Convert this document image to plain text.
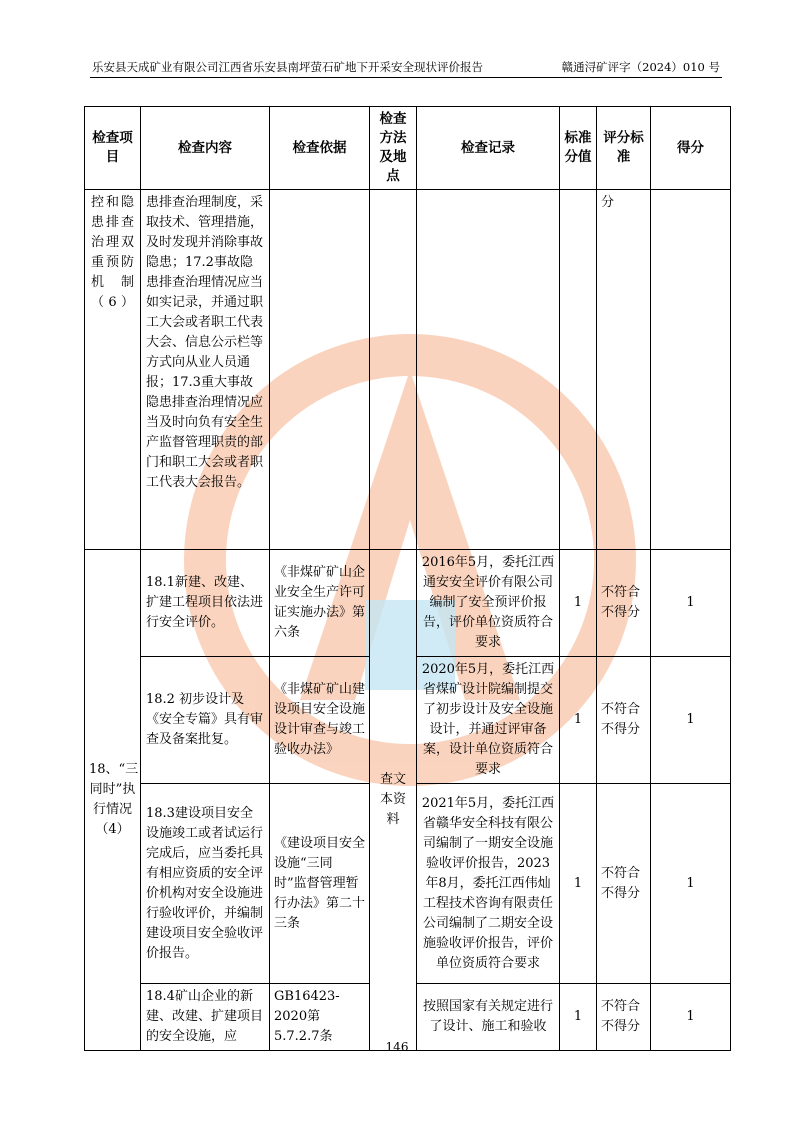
乐安县天成矿业有限公司江西省乐安县南坪萤石矿地下开采安全现状评价报告	赣通浔矿评字（2024）010 号
检查项目	检查内容	检查依据	检查方法及地点	检查记录	标准分值	评分标准	得分
控和隐患排查治理双重预防机制（6）	患排查治理制度，采取技术、管理措施，及时发现并消除事故隐患；17.2事故隐患排查治理情况应当如实记录，并通过职工大会或者职工代表大会、信息公示栏等方式向从业人员通报；17.3重大事故隐患排查治理情况应当及时向负有安全生产监督管理职责的部门和职工大会或者职工代表大会报告。					分	
18、“三同时”执行情况（4）	18.1新建、改建、扩建工程项目依法进行安全评价。	《非煤矿矿山企业安全生产许可证实施办法》第六条	查文本资料	2016年5月，委托江西通安安全评价有限公司编制了安全预评价报告，评价单位资质符合要求	1	不符合不得分	1
	18.2 初步设计及《安全专篇》具有审查及备案批复。	《非煤矿矿山建设项目安全设施设计审查与竣工验收办法》		2020年5月，委托江西省煤矿设计院编制提交了初步设计及安全设施设计，并通过评审备案，设计单位资质符合要求	1	不符合不得分	1
	18.3建设项目安全设施竣工或者试运行完成后，应当委托具有相应资质的安全评价机构对安全设施进行验收评价，并编制建设项目安全验收评价报告。	《建设项目安全设施“三同时”监督管理暂行办法》第二十三条		2021年5月，委托江西省赣华安全科技有限公司编制了一期安全设施验收评价报告，2023年8月，委托江西伟灿工程技术咨询有限责任公司编制了二期安全设施验收评价报告，评价单位资质符合要求	1	不符合不得分	1
	18.4矿山企业的新建、改建、扩建项目的安全设施，应	GB16423-2020第5.7.2.7条		按照国家有关规定进行了设计、施工和验收	1	不符合不得分	1
146
